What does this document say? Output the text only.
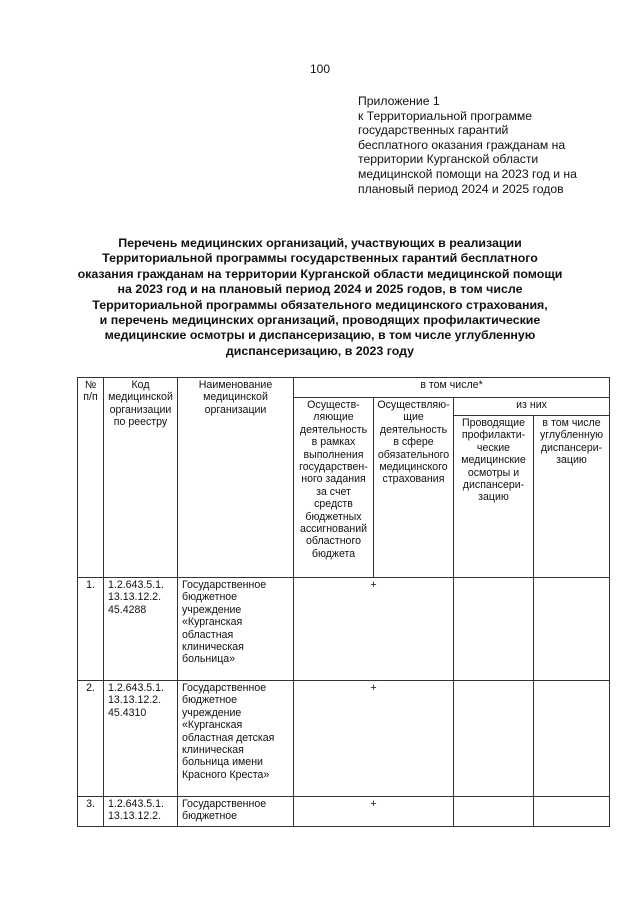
100
Приложение 1
к Территориальной программе
государственных гарантий
бесплатного оказания гражданам на
территории Курганской области
медицинской помощи на 2023 год и на
плановый период 2024 и 2025 годов
Перечень медицинских организаций, участвующих в реализации
Территориальной программы государственных гарантий бесплатного
оказания гражданам на территории Курганской области медицинской помощи
на 2023 год и на плановый период 2024 и 2025 годов, в том числе
Территориальной программы обязательного медицинского страхования,
и перечень медицинских организаций, проводящих профилактические
медицинские осмотры и диспансеризацию, в том числе углубленную
диспансеризацию, в 2023 году
№ п/п	Код медицинской организации по реестру	Наименование медицинской организации	в том числе*			
			Осуществ-ляющие деятельность в рамках выполнения государствен-ного задания за счет средств бюджетных ассигнований областного бюджета	Осуществляю-щие деятельность в сфере обязательного медицинского страхования	из них	
					Проводящие профилакти-ческие медицинские осмотры и диспансери-зацию	в том числе углубленную диспансери-зацию
1.	1.2.643.5.1. 13.13.12.2. 45.4288	Государственное бюджетное учреждение «Курганская областная клиническая больница»	+			
2.	1.2.643.5.1. 13.13.12.2. 45.4310	Государственное бюджетное учреждение «Курганская областная детская клиническая больница имени Красного Креста»	+			
3.	1.2.643.5.1. 13.13.12.2.	Государственное бюджетное	+			
